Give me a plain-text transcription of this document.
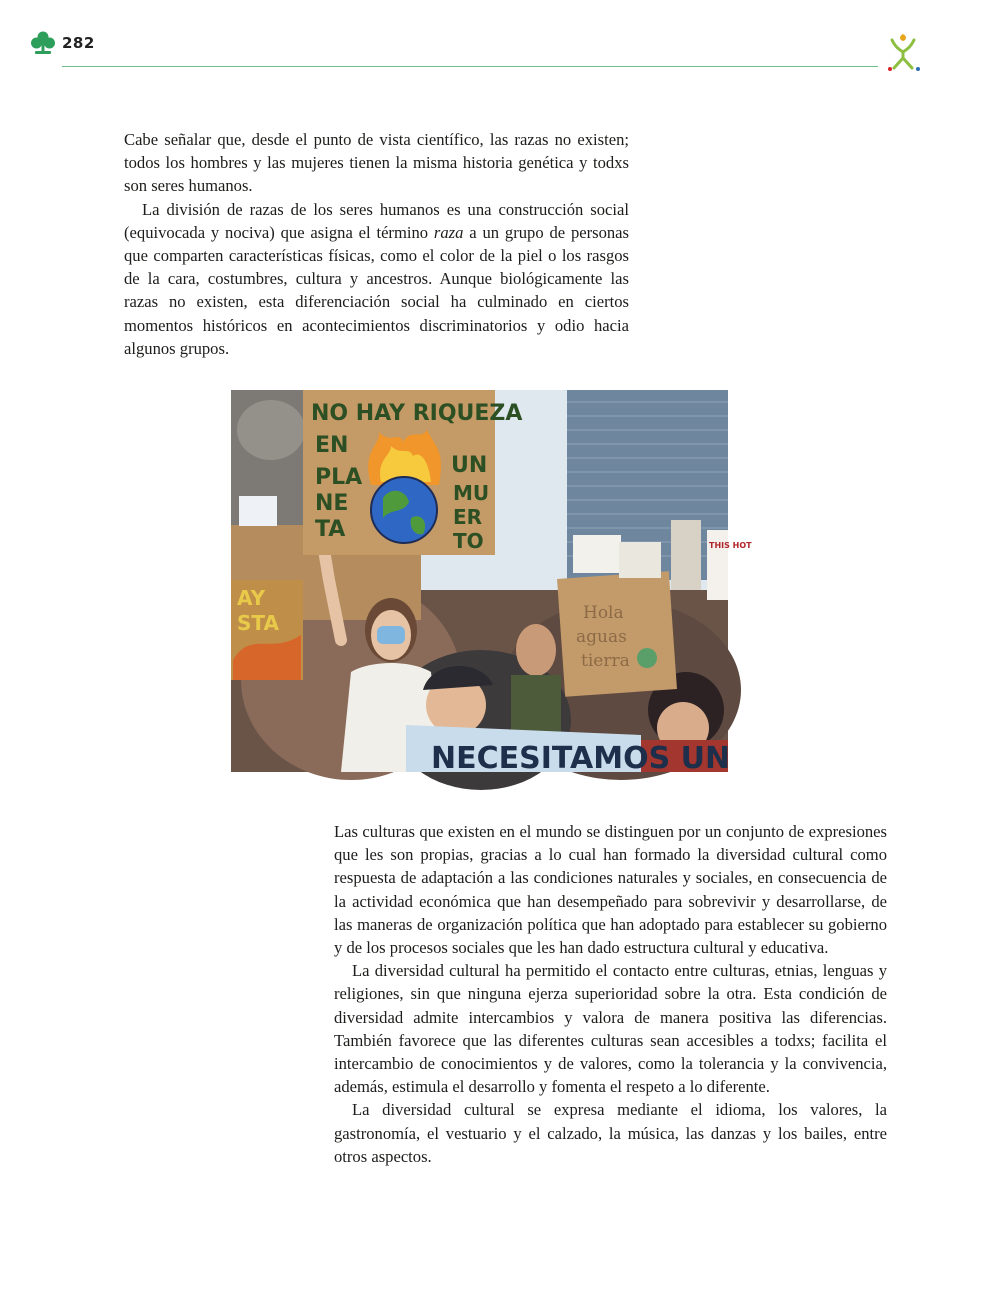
282

Cabe señalar que, desde el punto de vista científico, las razas no existen; todos los hombres y las mujeres tienen la misma historia genética y todxs son seres humanos.

La división de razas de los seres humanos es una construcción social (equivocada y nociva) que asigna el término raza a un grupo de personas que comparten características físicas, como el color de la piel o los rasgos de la cara, costumbres, cultura y ancestros. Aunque biológicamente las razas no existen, esta diferenciación social ha culminado en ciertos momentos históricos en acontecimientos discriminatorios y odio hacia algunos grupos.

AY
STA	Hola
aguas
tierra
THIS HOT
NO HAY RIQUEZA
EN
UN
PLA
NE
TA
MU
ER
TO
NECESITAMOS UN

Las culturas que existen en el mundo se distinguen por un conjunto de expresiones que les son propias, gracias a lo cual han formado la diversidad cultural como respuesta de adaptación a las condiciones naturales y sociales, en consecuencia de la actividad económica que han desempeñado para sobrevivir y desarrollarse, de las maneras de organización política que han adoptado para establecer su gobierno y de los procesos sociales que les han dado estructura cultural y educativa.

La diversidad cultural ha permitido el contacto entre culturas, etnias, lenguas y religiones, sin que ninguna ejerza superioridad sobre la otra. Esta condición de diversidad admite intercambios y valora de manera positiva las diferencias. También favorece que las diferentes culturas sean accesibles a todxs; facilita el intercambio de conocimientos y de valores, como la tolerancia y la convivencia, además, estimula el desarrollo y fomenta el respeto a lo diferente.

La diversidad cultural se expresa mediante el idioma, los valores, la gastronomía, el vestuario y el calzado, la música, las danzas y los bailes, entre otros aspectos.
